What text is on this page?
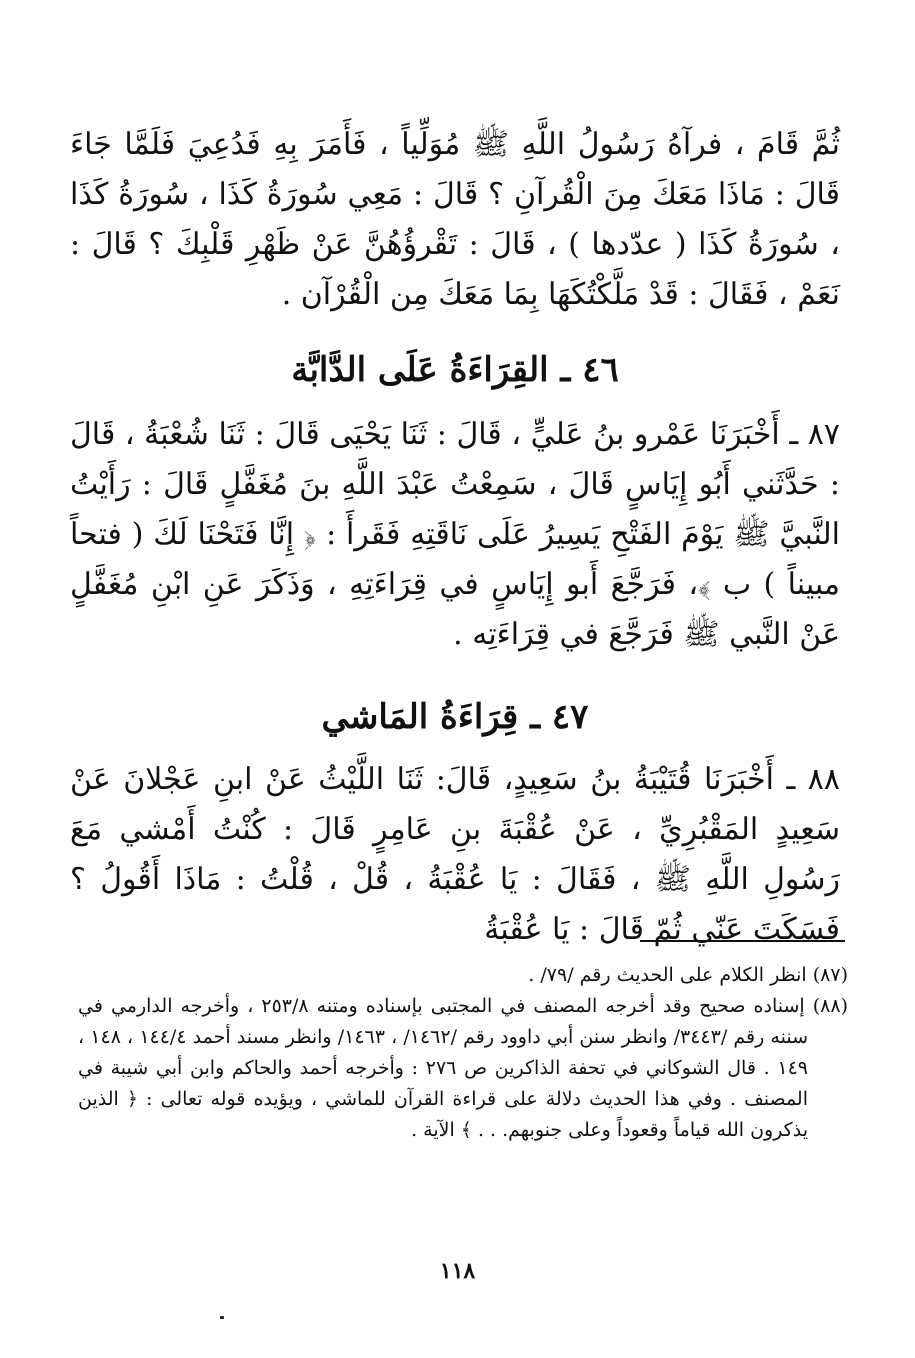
ثُمَّ قَامَ ، فرآهُ رَسُولُ اللَّهِ ﷺ مُوَلِّياً ، فَأَمَرَ بِهِ فَدُعِيَ فَلَمَّا جَاءَ قَالَ : مَاذَا مَعَكَ مِنَ الْقُرآنِ ؟ قَالَ : مَعِي سُورَةُ كَذَا ، سُورَةُ كَذَا ، سُورَةُ كَذَا ( عدّدها ) ، قَالَ : تَقْرؤُهُنَّ عَنْ ظَهْرِ قَلْبِكَ ؟ قَالَ : نَعَمْ ، فَقَالَ : قَدْ مَلَّكْتُكَهَا بِمَا مَعَكَ مِن الْقُرْآن .

٤٦ ـ القِرَاءَةُ عَلَى الدَّابَّة

٨٧ ـ أَخْبَرَنَا عَمْرو بنُ عَليٍّ ، قَالَ : ثَنَا يَحْيَى قَالَ : ثَنَا شُعْبَةُ ، قَالَ : حَدَّثَني أَبُو إِيَاسٍ قَالَ ، سَمِعْتُ عَبْدَ اللَّهِ بنَ مُغَفَّلٍ قَالَ : رَأَيْتُ النَّبيَّ ﷺ يَوْمَ الفَتْحِ يَسِيرُ عَلَى نَاقَتِهِ فَقَرأَ : ﴿ إِنَّا فَتَحْنَا لَكَ ( فتحاً مبيناً ) ب ﴾، فَرَجَّعَ أَبو إِيَاسٍ في قِرَاءَتِهِ ، وَذَكَرَ عَنِ ابْنِ مُغَفَّلٍ عَنْ النَّبي ﷺ فَرَجَّعَ في قِرَاءَتِه .

٤٧ ـ قِرَاءَةُ المَاشي

٨٨ ـ أَخْبَرَنَا قُتَيْبَةُ بنُ سَعِيدٍ، قَالَ: ثَنَا اللَّيْثُ عَنْ ابنِ عَجْلانَ عَنْ سَعِيدٍ المَقْبُرِيِّ ، عَنْ عُقْبَةَ بنِ عَامِرٍ قَالَ : كُنْتُ أَمْشي مَعَ رَسُولِ اللَّهِ ﷺ ، فَقَالَ : يَا عُقْبَةُ ، قُلْ ، قُلْتُ : مَاذَا أَقُولُ ؟ فَسَكَتَ عَنّي ثُمّ قَالَ : يَا عُقْبَةُ

(٨٧) انظر الكلام على الحديث رقم /٧٩/ .

(٨٨) إسناده صحيح وقد أخرجه المصنف في المجتبى بإسناده ومتنه ٢٥٣/٨ ، وأخرجه الدارمي في سننه رقم /٣٤٤٣/ وانظر سنن أبي داوود رقم /١٤٦٢/ ، ١٤٦٣/ وانظر مسند أحمد ١٤٤/٤ ، ١٤٨ ، ١٤٩ . قال الشوكاني في تحفة الذاكرين ص ٢٧٦ : وأخرجه أحمد والحاكم وابن أبي شيبة في المصنف . وفي هذا الحديث دلالة على قراءة القرآن للماشي ، ويؤيده قوله تعالى : ﴿ الذين يذكرون الله قياماً وقعوداً وعلى جنوبهم. . . ﴾ الآية .

١١٨
